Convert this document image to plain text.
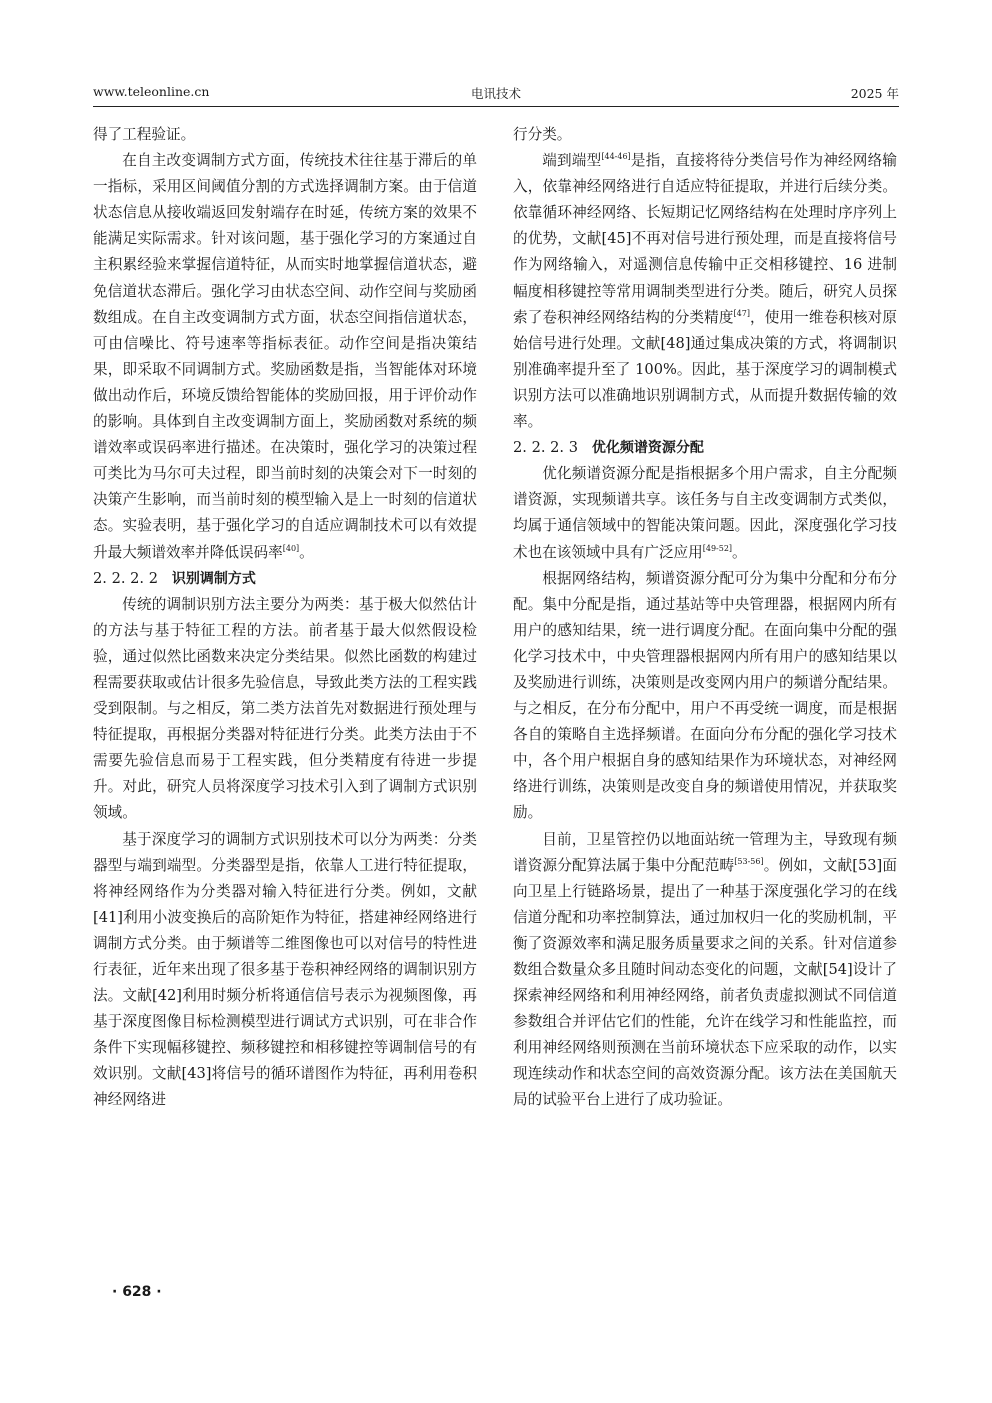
www.teleonline.cn	电讯技术	2025 年

得了工程验证。

在自主改变调制方式方面，传统技术往往基于滞后的单一指标，采用区间阈值分割的方式选择调制方案。由于信道状态信息从接收端返回发射端存在时延，传统方案的效果不能满足实际需求。针对该问题，基于强化学习的方案通过自主积累经验来掌握信道特征，从而实时地掌握信道状态，避免信道状态滞后。强化学习由状态空间、动作空间与奖励函数组成。在自主改变调制方式方面，状态空间指信道状态，可由信噪比、符号速率等指标表征。动作空间是指决策结果，即采取不同调制方式。奖励函数是指，当智能体对环境做出动作后，环境反馈给智能体的奖励回报，用于评价动作的影响。具体到自主改变调制方面上，奖励函数对系统的频谱效率或误码率进行描述。在决策时，强化学习的决策过程可类比为马尔可夫过程，即当前时刻的决策会对下一时刻的决策产生影响，而当前时刻的模型输入是上一时刻的信道状态。实验表明，基于强化学习的自适应调制技术可以有效提升最大频谱效率并降低误码率[40]。

2. 2. 2. 2 识别调制方式

传统的调制识别方法主要分为两类：基于极大似然估计的方法与基于特征工程的方法。前者基于最大似然假设检验，通过似然比函数来决定分类结果。似然比函数的构建过程需要获取或估计很多先验信息，导致此类方法的工程实践受到限制。与之相反，第二类方法首先对数据进行预处理与特征提取，再根据分类器对特征进行分类。此类方法由于不需要先验信息而易于工程实践，但分类精度有待进一步提升。对此，研究人员将深度学习技术引入到了调制方式识别领域。

基于深度学习的调制方式识别技术可以分为两类：分类器型与端到端型。分类器型是指，依靠人工进行特征提取，将神经网络作为分类器对输入特征进行分类。例如，文献[41]利用小波变换后的高阶矩作为特征，搭建神经网络进行调制方式分类。由于频谱等二维图像也可以对信号的特性进行表征，近年来出现了很多基于卷积神经网络的调制识别方法。文献[42]利用时频分析将通信信号表示为视频图像，再基于深度图像目标检测模型进行调试方式识别，可在非合作条件下实现幅移键控、频移键控和相移键控等调制信号的有效识别。文献[43]将信号的循环谱图作为特征，再利用卷积神经网络进

行分类。

端到端型[44-46]是指，直接将待分类信号作为神经网络输入，依靠神经网络进行自适应特征提取，并进行后续分类。依靠循环神经网络、长短期记忆网络结构在处理时序序列上的优势，文献[45]不再对信号进行预处理，而是直接将信号作为网络输入，对遥测信息传输中正交相移键控、16 进制幅度相移键控等常用调制类型进行分类。随后，研究人员探索了卷积神经网络结构的分类精度[47]，使用一维卷积核对原始信号进行处理。文献[48]通过集成决策的方式，将调制识别准确率提升至了 100%。因此，基于深度学习的调制模式识别方法可以准确地识别调制方式，从而提升数据传输的效率。

2. 2. 2. 3 优化频谱资源分配

优化频谱资源分配是指根据多个用户需求，自主分配频谱资源，实现频谱共享。该任务与自主改变调制方式类似，均属于通信领域中的智能决策问题。因此，深度强化学习技术也在该领域中具有广泛应用[49-52]。

根据网络结构，频谱资源分配可分为集中分配和分布分配。集中分配是指，通过基站等中央管理器，根据网内所有用户的感知结果，统一进行调度分配。在面向集中分配的强化学习技术中，中央管理器根据网内所有用户的感知结果以及奖励进行训练，决策则是改变网内用户的频谱分配结果。与之相反，在分布分配中，用户不再受统一调度，而是根据各自的策略自主选择频谱。在面向分布分配的强化学习技术中，各个用户根据自身的感知结果作为环境状态，对神经网络进行训练，决策则是改变自身的频谱使用情况，并获取奖励。

目前，卫星管控仍以地面站统一管理为主，导致现有频谱资源分配算法属于集中分配范畴[53-56]。例如，文献[53]面向卫星上行链路场景，提出了一种基于深度强化学习的在线信道分配和功率控制算法，通过加权归一化的奖励机制，平衡了资源效率和满足服务质量要求之间的关系。针对信道参数组合数量众多且随时间动态变化的问题，文献[54]设计了探索神经网络和利用神经网络，前者负责虚拟测试不同信道参数组合并评估它们的性能，允许在线学习和性能监控，而利用神经网络则预测在当前环境状态下应采取的动作，以实现连续动作和状态空间的高效资源分配。该方法在美国航天局的试验平台上进行了成功验证。

· 628 ·
